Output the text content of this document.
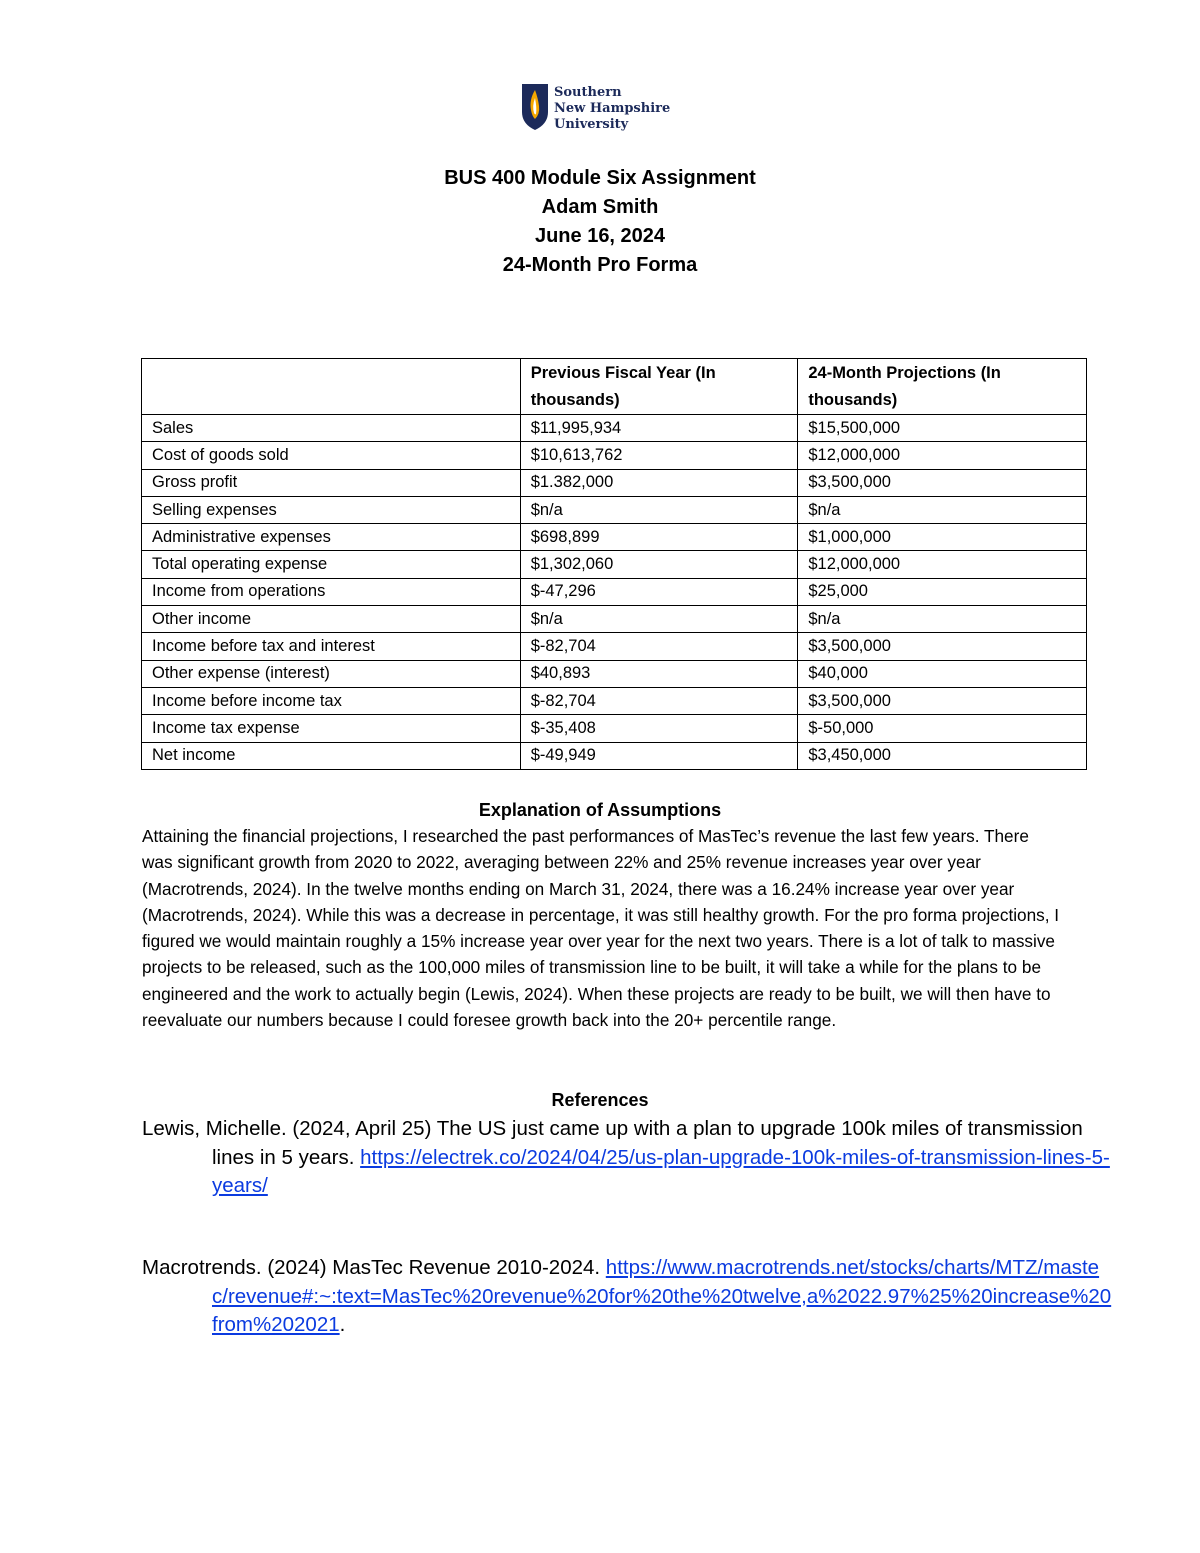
Southern
New Hampshire
University
BUS 400 Module Six Assignment
Adam Smith
June 16, 2024
24-Month Pro Forma
	Previous Fiscal Year (In thousands)	24-Month Projections (In thousands)
Sales	$11,995,934	$15,500,000
Cost of goods sold	$10,613,762	$12,000,000
Gross profit	$1.382,000	$3,500,000
Selling expenses	$n/a	$n/a
Administrative expenses	$698,899	$1,000,000
Total operating expense	$1,302,060	$12,000,000
Income from operations	$-47,296	$25,000
Other income	$n/a	$n/a
Income before tax and interest	$-82,704	$3,500,000
Other expense (interest)	$40,893	$40,000
Income before income tax	$-82,704	$3,500,000
Income tax expense	$-35,408	$-50,000
Net income	$-49,949	$3,450,000
Explanation of Assumptions
Attaining the financial projections, I researched the past performances of MasTec’s revenue the last few years. There was significant growth from 2020 to 2022, averaging between 22% and 25% revenue increases year over year (Macrotrends, 2024). In the twelve months ending on March 31, 2024, there was a 16.24% increase year over year (Macrotrends, 2024). While this was a decrease in percentage, it was still healthy growth. For the pro forma projections, I figured we would maintain roughly a 15% increase year over year for the next two years. There is a lot of talk to massive projects to be released, such as the 100,000 miles of transmission line to be built, it will take a while for the plans to be engineered and the work to actually begin (Lewis, 2024). When these projects are ready to be built, we will then have to reevaluate our numbers because I could foresee growth back into the 20+ percentile range.
References
Lewis, Michelle. (2024, April 25) The US just came up with a plan to upgrade 100k miles of transmission lines in 5 years. https://electrek.co/2024/04/25/us-plan-upgrade-100k-miles-of-transmission-lines-5-years/
Macrotrends. (2024) MasTec Revenue 2010-2024. https://www.macrotrends.net/stocks/charts/MTZ/mastec/revenue#:~:text=MasTec%20revenue%20for%20the%20twelve,a%2022.97%25%20increase%20from%202021.
